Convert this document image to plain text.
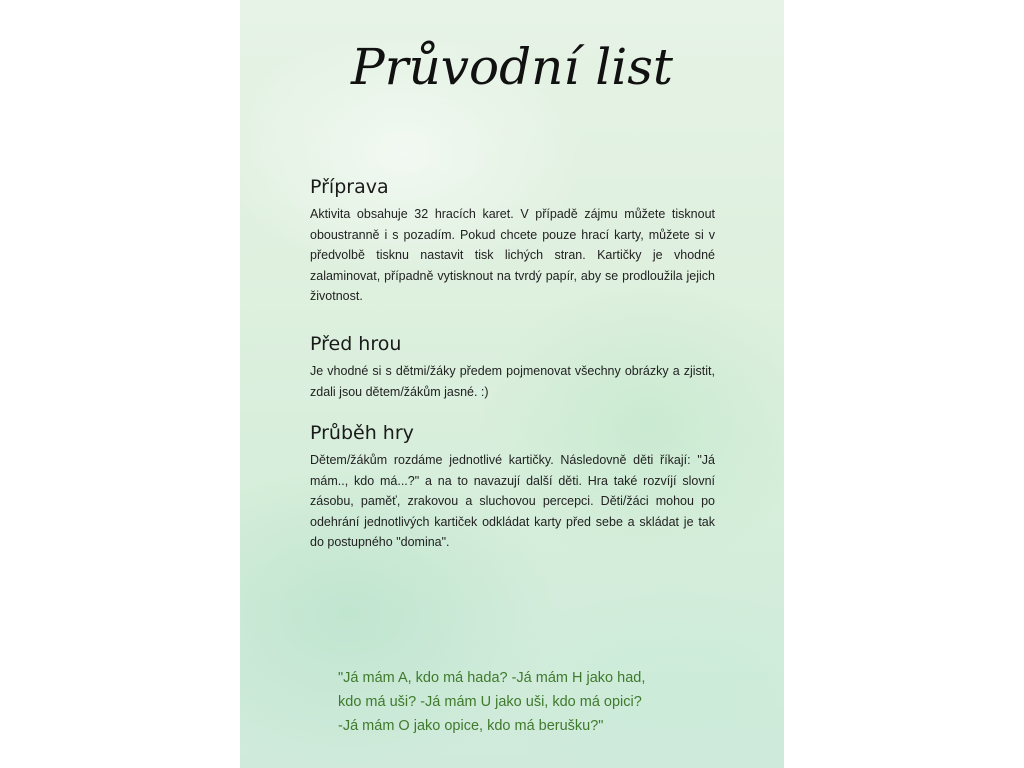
Průvodní list
Příprava

Aktivita obsahuje 32 hracích karet. V případě zájmu můžete tisknout oboustranně i s pozadím. Pokud chcete pouze hrací karty, můžete si v předvolbě tisknu nastavit tisk lichých stran. Kartičky je vhodné zalaminovat, případně vytisknout na tvrdý papír, aby se prodloužila jejich životnost.

Před hrou

Je vhodné si s dětmi/žáky předem pojmenovat všechny obrázky a zjistit, zdali jsou dětem/žákům jasné. :)

Průběh hry

Dětem/žákům rozdáme jednotlivé kartičky. Následovně děti říkají: "Já mám.., kdo má...?" a na to navazují další děti. Hra také rozvíjí slovní zásobu, paměť, zrakovou a sluchovou percepci. Děti/žáci mohou po odehrání jednotlivých kartiček odkládat karty před sebe a skládat je tak do postupného "domina".

"Já mám A, kdo má hada? -Já mám H jako had,
kdo má uši? -Já mám U jako uši, kdo má opici?
-Já mám O jako opice, kdo má berušku?"
